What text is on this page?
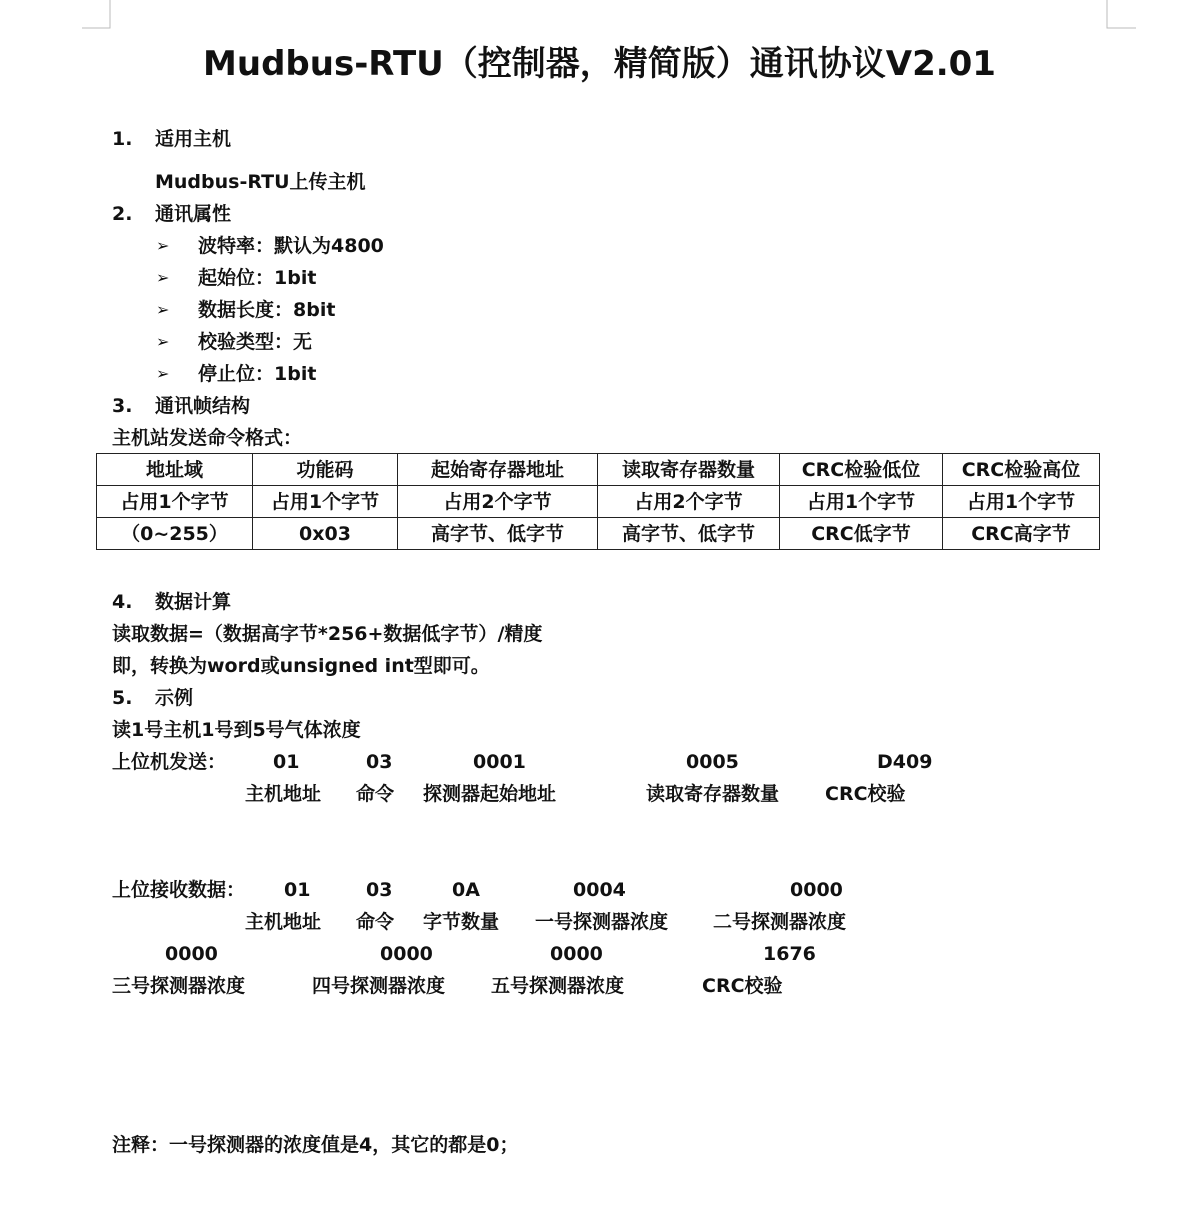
Mudbus-RTU（控制器，精简版）通讯协议V2.01
1. 适用主机
Mudbus-RTU上传主机
2. 通讯属性
➢ 波特率：默认为4800
➢ 起始位：1bit
➢ 数据长度：8bit
➢ 校验类型：无
➢ 停止位：1bit
3. 通讯帧结构
主机站发送命令格式：
地址域	功能码	起始寄存器地址	读取寄存器数量	CRC检验低位	CRC检验高位
占用1个字节	占用1个字节	占用2个字节	占用2个字节	占用1个字节	占用1个字节
（0~255）	0x03	高字节、低字节	高字节、低字节	CRC低字节	CRC高字节
4. 数据计算
读取数据=（数据高字节*256+数据低字节）/精度
即，转换为word或unsigned int型即可。
5. 示例
读1号主机1号到5号气体浓度
上位机发送： 01	03	0001	0005	D409
主机地址 命令 探测器起始地址	读取寄存器数量 CRC校验
上位接收数据： 01	03	0A	0004	0000
主机地址 命令 字节数量 一号探测器浓度 二号探测器浓度
0000	0000	0000	1676
三号探测器浓度	四号探测器浓度 五号探测器浓度	CRC校验
注释：一号探测器的浓度值是4，其它的都是0；
